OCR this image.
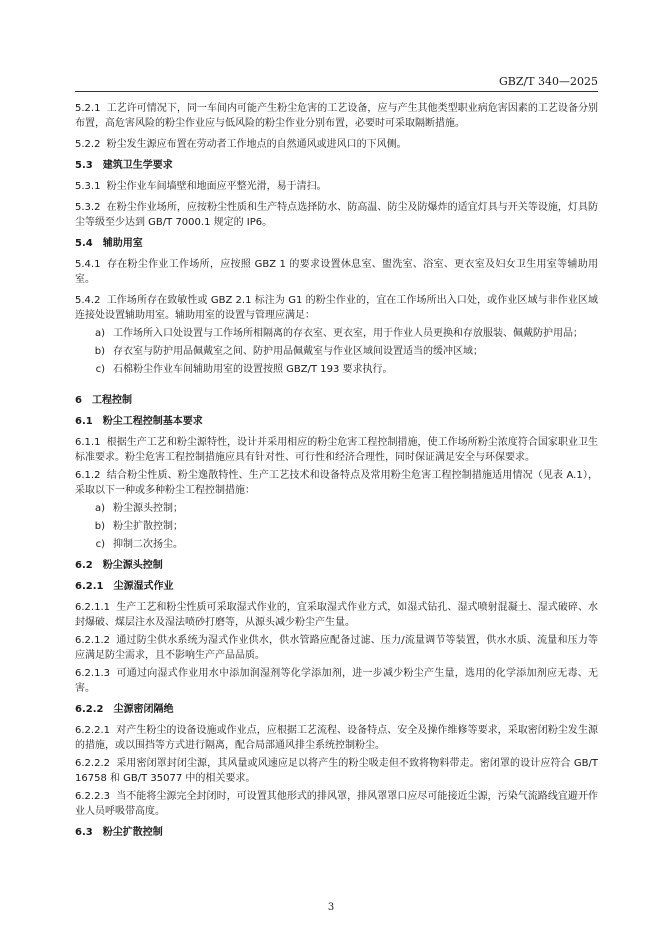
GBZ/T 340—2025

5.2.1 工艺许可情况下，同一车间内可能产生粉尘危害的工艺设备，应与产生其他类型职业病危害因素的工艺设备分别布置，高危害风险的粉尘作业应与低风险的粉尘作业分别布置，必要时可采取隔断措施。

5.2.2 粉尘发生源应布置在劳动者工作地点的自然通风或进风口的下风侧。

5.3　 建筑卫生学要求

5.3.1 粉尘作业车间墙壁和地面应平整光滑，易于清扫。

5.3.2 在粉尘作业场所，应按粉尘性质和生产特点选择防水、防高温、防尘及防爆炸的适宜灯具与开关等设施，灯具防尘等级至少达到 GB/T 7000.1 规定的 IP6。

5.4　 辅助用室

5.4.1 存在粉尘作业工作场所，应按照 GBZ 1 的要求设置休息室、盥洗室、浴室、更衣室及妇女卫生用室等辅助用室。

5.4.2 工作场所存在致敏性或 GBZ 2.1 标注为 G1 的粉尘作业的，宜在工作场所出入口处，或作业区域与非作业区域连接处设置辅助用室。辅助用室的设置与管理应满足：

a) 工作场所入口处设置与工作场所相隔离的存衣室、更衣室，用于作业人员更换和存放服装、佩戴防护用品；
b) 存衣室与防护用品佩戴室之间、防护用品佩戴室与作业区域间设置适当的缓冲区域；
c) 石棉粉尘作业车间辅助用室的设置按照 GBZ/T 193 要求执行。
6　 工程控制
6.1　 粉尘工程控制基本要求

6.1.1 根据生产工艺和粉尘源特性，设计并采用相应的粉尘危害工程控制措施，使工作场所粉尘浓度符合国家职业卫生标准要求。粉尘危害工程控制措施应具有针对性、可行性和经济合理性，同时保证满足安全与环保要求。

6.1.2 结合粉尘性质、粉尘逸散特性、生产工艺技术和设备特点及常用粉尘危害工程控制措施适用情况（见表 A.1），采取以下一种或多种粉尘工程控制措施：

a) 粉尘源头控制；
b) 粉尘扩散控制；
c) 抑制二次扬尘。
6.2　 粉尘源头控制
6.2.1　 尘源湿式作业

6.2.1.1 生产工艺和粉尘性质可采取湿式作业的，宜采取湿式作业方式，如湿式钻孔、湿式喷射混凝土、湿式破碎、水封爆破、煤层注水及湿法喷砂打磨等，从源头减少粉尘产生量。

6.2.1.2 通过防尘供水系统为湿式作业供水，供水管路应配备过滤、压力/流量调节等装置，供水水质、流量和压力等应满足防尘需求，且不影响生产产品品质。

6.2.1.3 可通过向湿式作业用水中添加润湿剂等化学添加剂，进一步减少粉尘产生量，选用的化学添加剂应无毒、无害。

6.2.2　 尘源密闭隔绝

6.2.2.1 对产生粉尘的设备设施或作业点，应根据工艺流程、设备特点、安全及操作维修等要求，采取密闭粉尘发生源的措施，或以围挡等方式进行隔离，配合局部通风排尘系统控制粉尘。

6.2.2.2 采用密闭罩封闭尘源，其风量或风速应足以将产生的粉尘吸走但不致将物料带走。密闭罩的设计应符合 GB/T 16758 和 GB/T 35077 中的相关要求。

6.2.2.3 当不能将尘源完全封闭时，可设置其他形式的排风罩，排风罩罩口应尽可能接近尘源，污染气流路线宜避开作业人员呼吸带高度。

6.3　 粉尘扩散控制
3
